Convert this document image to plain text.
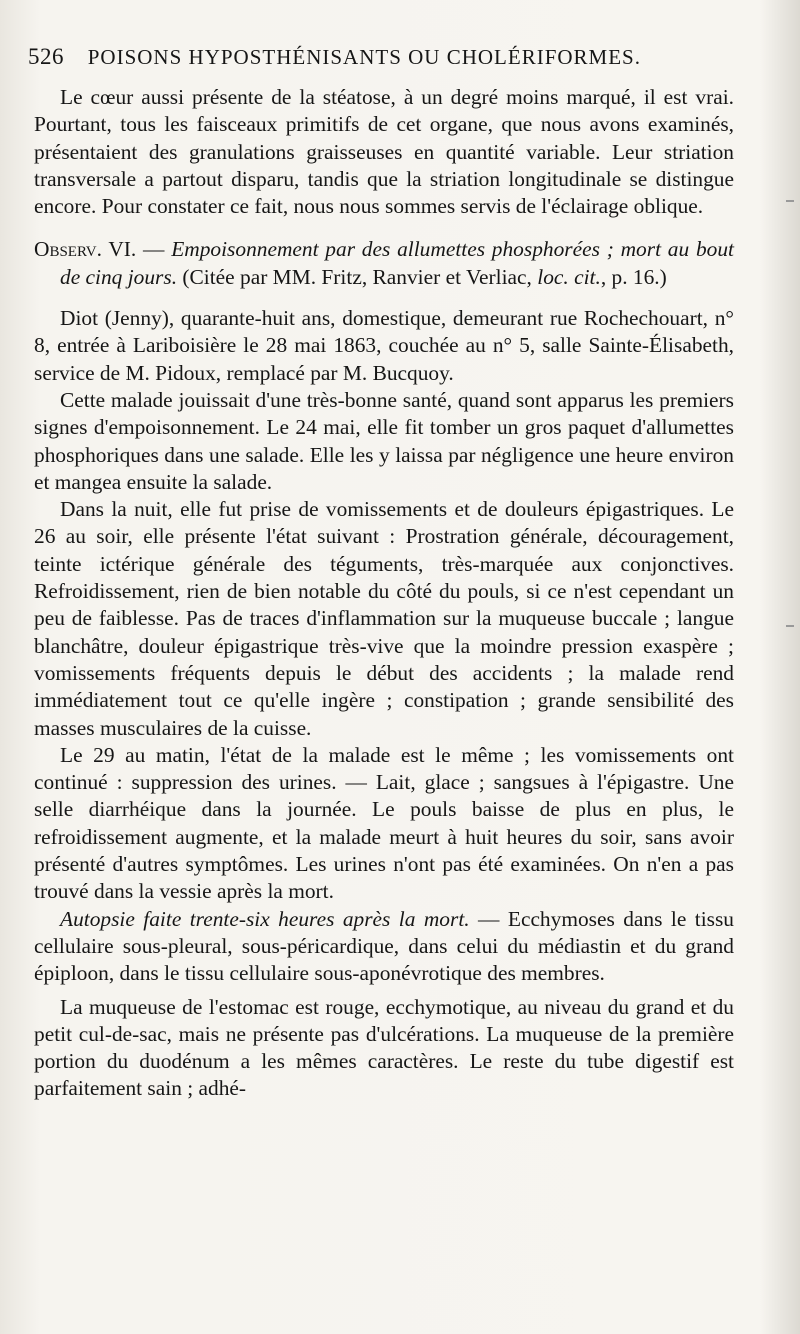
526 POISONS HYPOSTHÉNISANTS OU CHOLÉRIFORMES.

Le cœur aussi présente de la stéatose, à un degré moins marqué, il est vrai. Pourtant, tous les faisceaux primitifs de cet organe, que nous avons examinés, présentaient des granulations graisseuses en quantité variable. Leur striation transversale a partout disparu, tandis que la striation longitudinale se distingue encore. Pour constater ce fait, nous nous sommes servis de l'éclairage oblique.

Observ. VI. — Empoisonnement par des allumettes phosphorées ; mort au bout de cinq jours. (Citée par MM. Fritz, Ranvier et Verliac, loc. cit., p. 16.)

Diot (Jenny), quarante-huit ans, domestique, demeurant rue Rochechouart, n° 8, entrée à Lariboisière le 28 mai 1863, couchée au n° 5, salle Sainte-Élisabeth, service de M. Pidoux, remplacé par M. Bucquoy.

Cette malade jouissait d'une très-bonne santé, quand sont apparus les premiers signes d'empoisonnement. Le 24 mai, elle fit tomber un gros paquet d'allumettes phosphoriques dans une salade. Elle les y laissa par négligence une heure environ et mangea ensuite la salade.

Dans la nuit, elle fut prise de vomissements et de douleurs épigastriques. Le 26 au soir, elle présente l'état suivant : Prostration générale, découragement, teinte ictérique générale des téguments, très-marquée aux conjonctives. Refroidissement, rien de bien notable du côté du pouls, si ce n'est cependant un peu de faiblesse. Pas de traces d'inflammation sur la muqueuse buccale ; langue blanchâtre, douleur épigastrique très-vive que la moindre pression exaspère ; vomissements fréquents depuis le début des accidents ; la malade rend immédiatement tout ce qu'elle ingère ; constipation ; grande sensibilité des masses musculaires de la cuisse.

Le 29 au matin, l'état de la malade est le même ; les vomissements ont continué : suppression des urines. — Lait, glace ; sangsues à l'épigastre. Une selle diarrhéique dans la journée. Le pouls baisse de plus en plus, le refroidissement augmente, et la malade meurt à huit heures du soir, sans avoir présenté d'autres symptômes. Les urines n'ont pas été examinées. On n'en a pas trouvé dans la vessie après la mort.

Autopsie faite trente-six heures après la mort. — Ecchymoses dans le tissu cellulaire sous-pleural, sous-péricardique, dans celui du médiastin et du grand épiploon, dans le tissu cellulaire sous-aponévrotique des membres.

La muqueuse de l'estomac est rouge, ecchymotique, au niveau du grand et du petit cul-de-sac, mais ne présente pas d'ulcérations. La muqueuse de la première portion du duodénum a les mêmes caractères. Le reste du tube digestif est parfaitement sain ; adhé-
